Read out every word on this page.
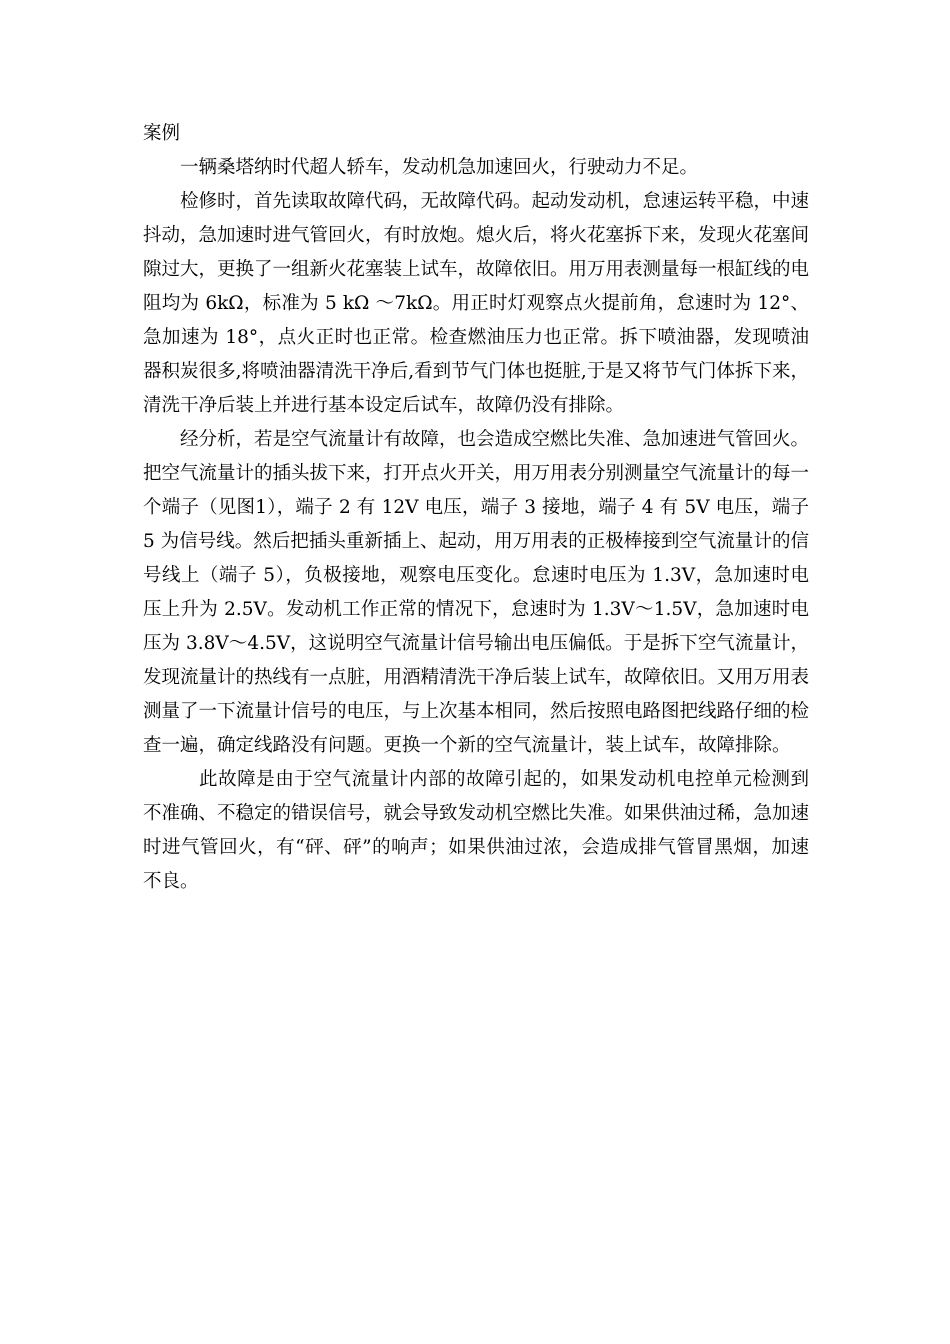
案例

一辆桑塔纳时代超人轿车，发动机急加速回火，行驶动力不足。

检修时，首先读取故障代码，无故障代码。起动发动机，怠速运转平稳，中速抖动，急加速时进气管回火，有时放炮。熄火后，将火花塞拆下来，发现火花塞间隙过大，更换了一组新火花塞装上试车，故障依旧。用万用表测量每一根缸线的电阻均为 6kΩ，标准为 5 kΩ ～7kΩ。用正时灯观察点火提前角，怠速时为 12°、急加速为 18°，点火正时也正常。检查燃油压力也正常。拆下喷油器，发现喷油器积炭很多,将喷油器清洗干净后,看到节气门体也挺脏,于是又将节气门体拆下来，清洗干净后装上并进行基本设定后试车，故障仍没有排除。

经分析，若是空气流量计有故障，也会造成空燃比失准、急加速进气管回火。把空气流量计的插头拔下来，打开点火开关，用万用表分别测量空气流量计的每一个端子（见图1），端子 2 有 12V 电压，端子 3 接地，端子 4 有 5V 电压，端子 5 为信号线。然后把插头重新插上、起动，用万用表的正极棒接到空气流量计的信号线上（端子 5），负极接地，观察电压变化。怠速时电压为 1.3V，急加速时电压上升为 2.5V。发动机工作正常的情况下，怠速时为 1.3V～1.5V，急加速时电压为 3.8V～4.5V，这说明空气流量计信号输出电压偏低。于是拆下空气流量计，发现流量计的热线有一点脏，用酒精清洗干净后装上试车，故障依旧。又用万用表测量了一下流量计信号的电压，与上次基本相同，然后按照电路图把线路仔细的检查一遍，确定线路没有问题。更换一个新的空气流量计，装上试车，故障排除。

此故障是由于空气流量计内部的故障引起的，如果发动机电控单元检测到不准确、不稳定的错误信号，就会导致发动机空燃比失准。如果供油过稀，急加速时进气管回火，有“砰、砰”的响声；如果供油过浓，会造成排气管冒黑烟，加速不良。
